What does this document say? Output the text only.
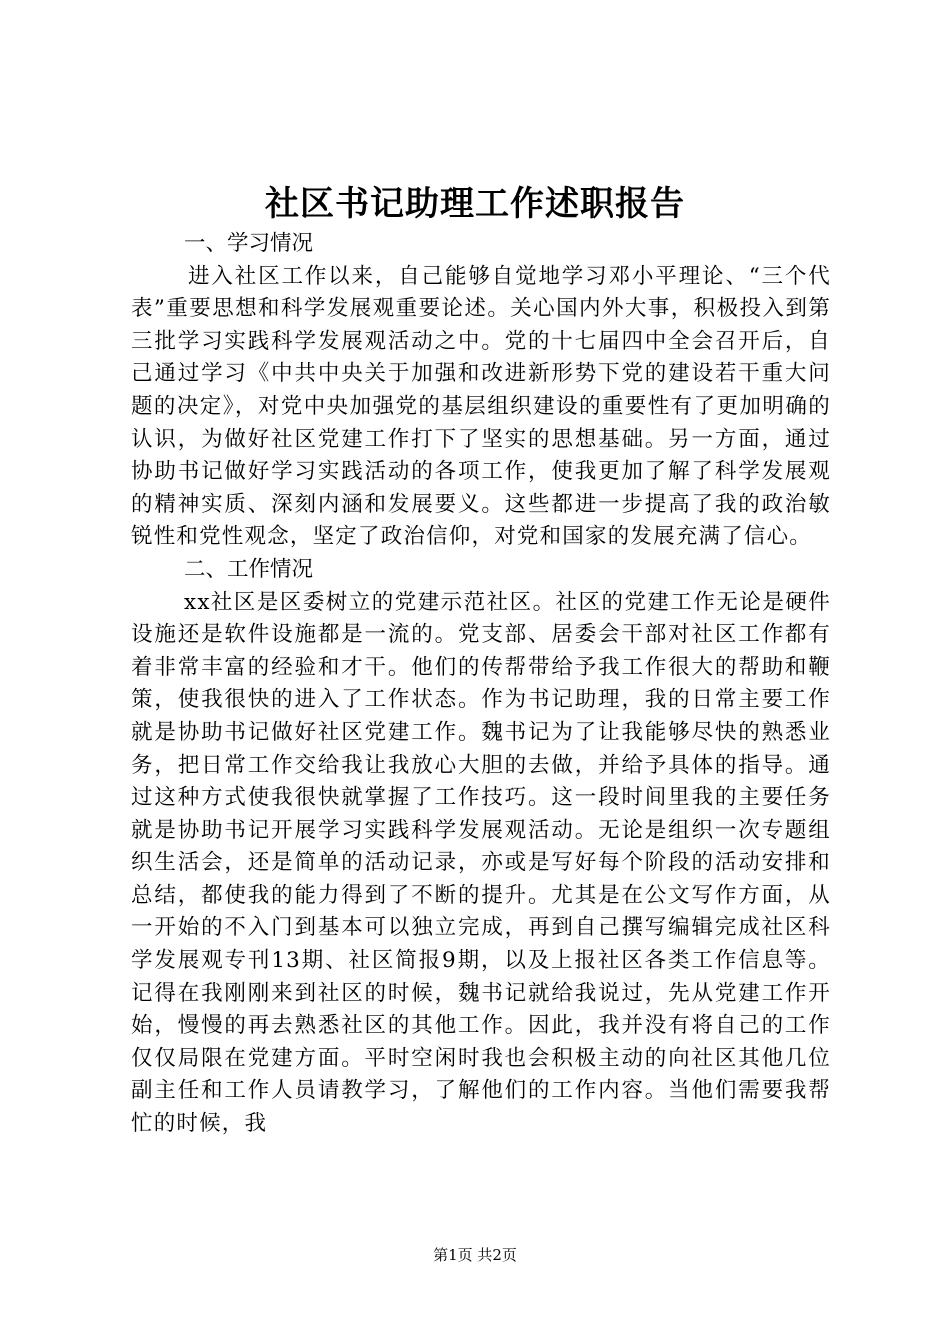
社区书记助理工作述职报告

一、学习情况

进入社区工作以来，自己能够自觉地学习邓小平理论、“三个代表”重要思想和科学发展观重要论述。关心国内外大事，积极投入到第三批学习实践科学发展观活动之中。党的十七届四中全会召开后，自己通过学习《中共中央关于加强和改进新形势下党的建设若干重大问题的决定》，对党中央加强党的基层组织建设的重要性有了更加明确的认识，为做好社区党建工作打下了坚实的思想基础。另一方面，通过协助书记做好学习实践活动的各项工作，使我更加了解了科学发展观的精神实质、深刻内涵和发展要义。这些都进一步提高了我的政治敏锐性和党性观念，坚定了政治信仰，对党和国家的发展充满了信心。

二、工作情况

xx社区是区委树立的党建示范社区。社区的党建工作无论是硬件设施还是软件设施都是一流的。党支部、居委会干部对社区工作都有着非常丰富的经验和才干。他们的传帮带给予我工作很大的帮助和鞭策，使我很快的进入了工作状态。作为书记助理，我的日常主要工作就是协助书记做好社区党建工作。魏书记为了让我能够尽快的熟悉业务，把日常工作交给我让我放心大胆的去做，并给予具体的指导。通过这种方式使我很快就掌握了工作技巧。这一段时间里我的主要任务就是协助书记开展学习实践科学发展观活动。无论是组织一次专题组织生活会，还是简单的活动记录，亦或是写好每个阶段的活动安排和总结，都使我的能力得到了不断的提升。尤其是在公文写作方面，从一开始的不入门到基本可以独立完成，再到自己撰写编辑完成社区科学发展观专刊13期、社区简报9期，以及上报社区各类工作信息等。记得在我刚刚来到社区的时候，魏书记就给我说过，先从党建工作开始，慢慢的再去熟悉社区的其他工作。因此，我并没有将自己的工作仅仅局限在党建方面。平时空闲时我也会积极主动的向社区其他几位副主任和工作人员请教学习，了解他们的工作内容。当他们需要我帮忙的时候，我

第1页 共2页
